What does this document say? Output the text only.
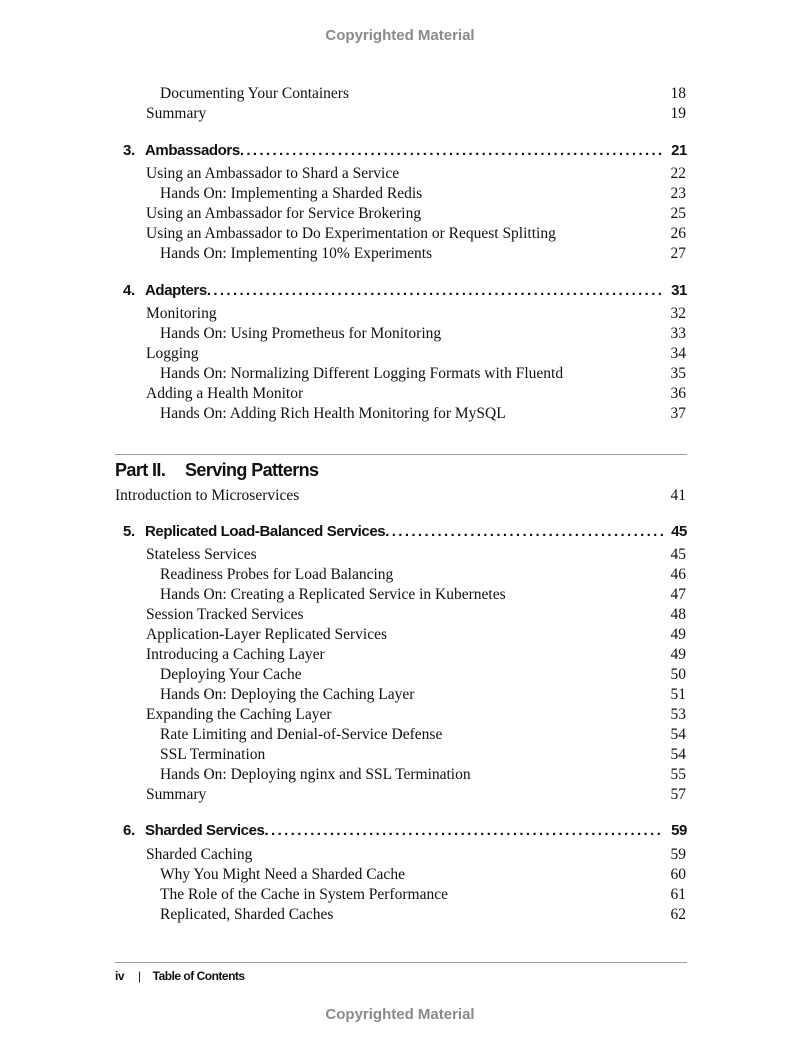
Copyrighted Material
Documenting Your Containers	18
Summary	19
3. Ambassadors . . .	21
Using an Ambassador to Shard a Service	22
Hands On: Implementing a Sharded Redis	23
Using an Ambassador for Service Brokering	25
Using an Ambassador to Do Experimentation or Request Splitting	26
Hands On: Implementing 10% Experiments	27
4. Adapters . . .	31
Monitoring	32
Hands On: Using Prometheus for Monitoring	33
Logging	34
Hands On: Normalizing Different Logging Formats with Fluentd	35
Adding a Health Monitor	36
Hands On: Adding Rich Health Monitoring for MySQL	37
Part II. Serving Patterns
Introduction to Microservices	41
5. Replicated Load-Balanced Services . . .	45
Stateless Services	45
Readiness Probes for Load Balancing	46
Hands On: Creating a Replicated Service in Kubernetes	47
Session Tracked Services	48
Application-Layer Replicated Services	49
Introducing a Caching Layer	49
Deploying Your Cache	50
Hands On: Deploying the Caching Layer	51
Expanding the Caching Layer	53
Rate Limiting and Denial-of-Service Defense	54
SSL Termination	54
Hands On: Deploying nginx and SSL Termination	55
Summary	57
6. Sharded Services . . .	59
Sharded Caching	59
Why You Might Need a Sharded Cache	60
The Role of the Cache in System Performance	61
Replicated, Sharded Caches	62
iv | Table of Contents
Copyrighted Material
